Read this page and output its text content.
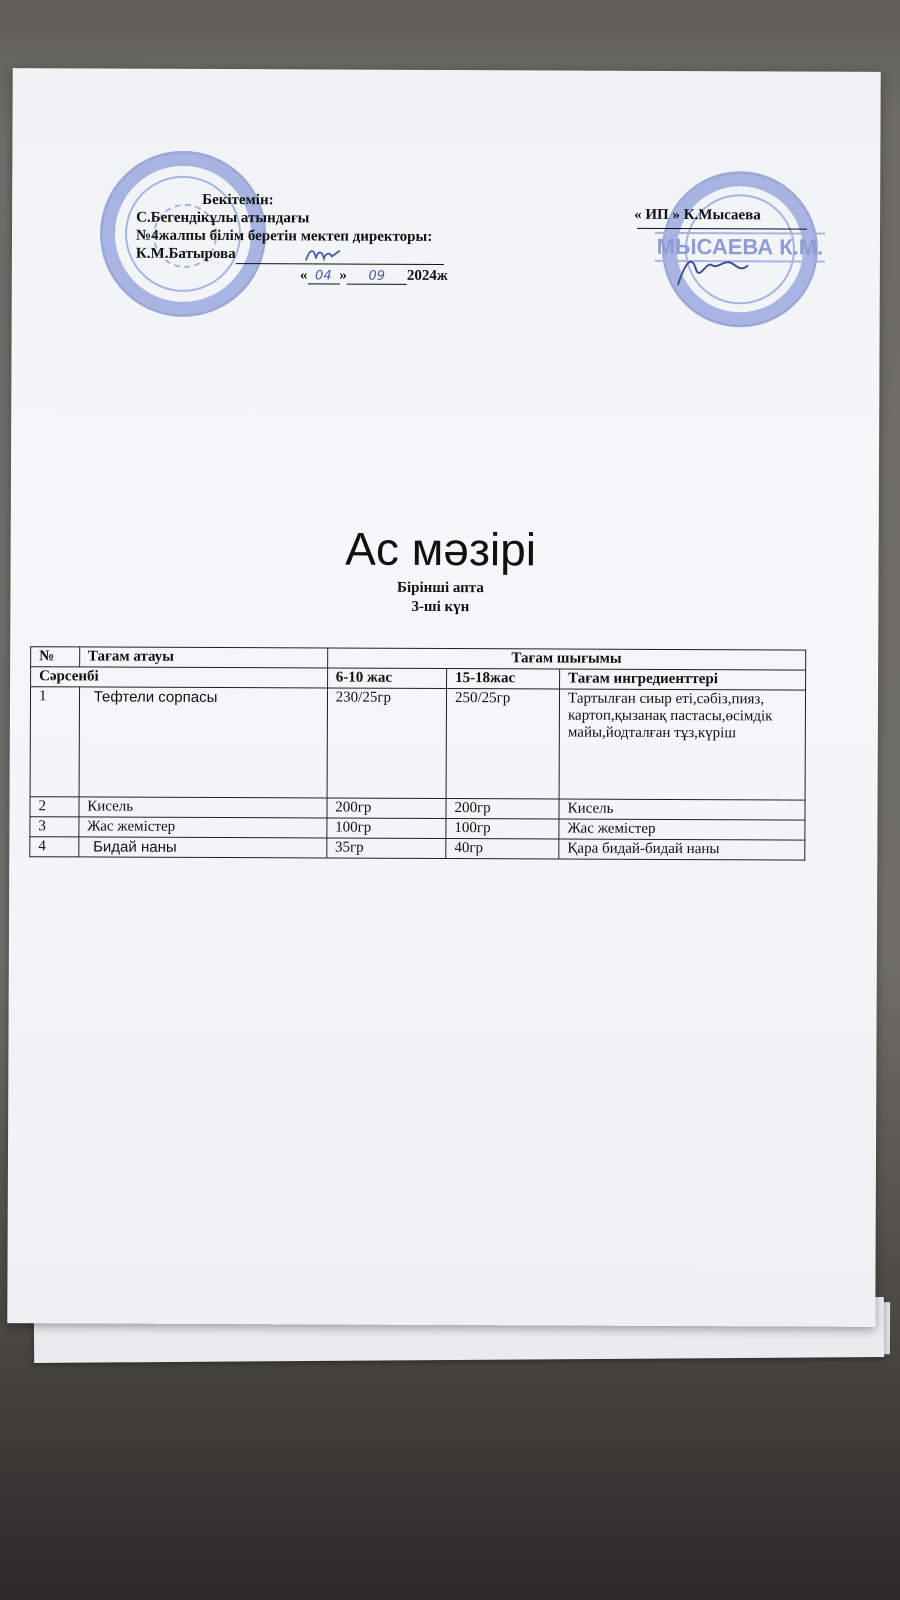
МЫСАЕВА К.М.
Бекітемін:
С.Бегендікұлы атындағы
№4жалпы білім беретін мектеп директоры:
К.М.Батырова
« 04 » 09 2024ж
« ИП » К.Мысаева
Ас мәзірі
Бірінші апта
3-ші күн
№	Тағам атауы	Тағам шығымы		
Сәрсенбі		6-10 жас	15-18жас	Тағам ингредиенттері
1	Тефтели сорпасы	230/25гр	250/25гр	Тартылған сиыр еті,сәбіз,пияз, картоп,қызанақ пастасы,өсімдік майы,йодталған тұз,күріш
2	Кисель	200гр	200гр	Кисель
3	Жас жемістер	100гр	100гр	Жас жемістер
4	Бидай наны	35гр	40гр	Қара бидай-бидай наны
